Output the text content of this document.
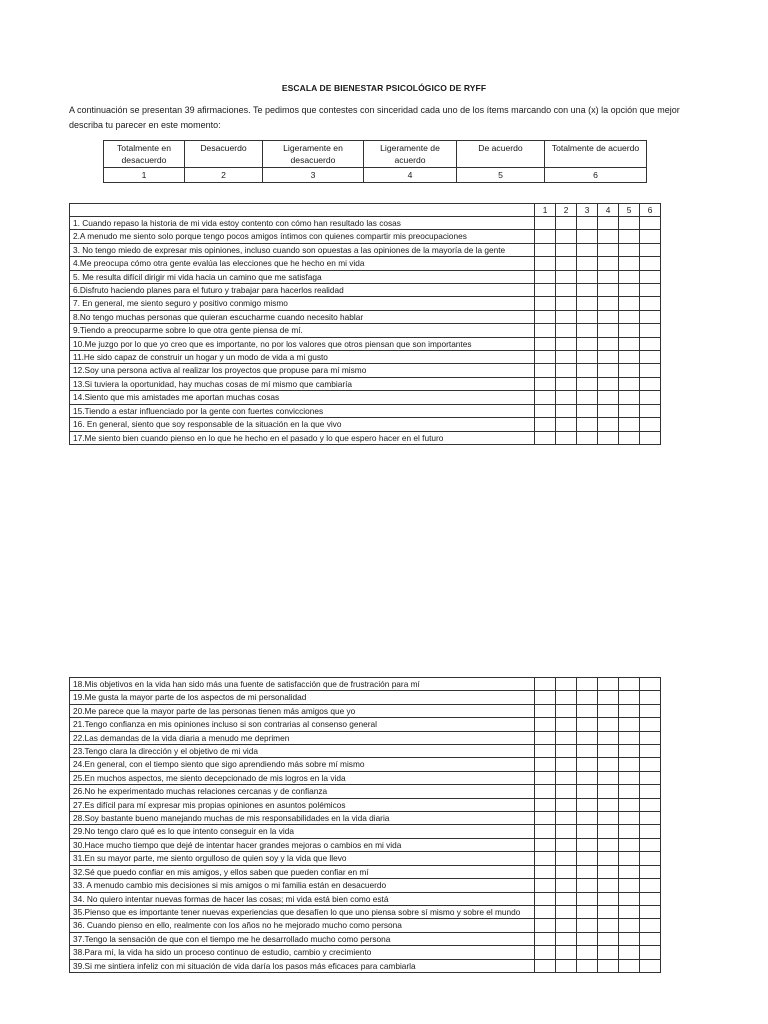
ESCALA DE BIENESTAR PSICOLÓGICO DE RYFF
A continuación se presentan 39 afirmaciones. Te pedimos que contestes con sinceridad cada uno de los ítems marcando con una (x) la opción que mejor describa tu parecer en este momento:
Totalmente en desacuerdo	Desacuerdo	Ligeramente en desacuerdo	Ligeramente de acuerdo	De acuerdo	Totalmente de acuerdo
1	2	3	4	5	6
	1	2	3	4	5	6
1. Cuando repaso la historia de mi vida estoy contento con cómo han resultado las cosas						
2.A menudo me siento solo porque tengo pocos amigos íntimos con quienes compartir mis preocupaciones						
3. No tengo miedo de expresar mis opiniones, incluso cuando son opuestas a las opiniones de la mayoría de la gente						
4.Me preocupa cómo otra gente evalúa las elecciones que he hecho en mi vida						
5. Me resulta difícil dirigir mi vida hacia un camino que me satisfaga						
6.Disfruto haciendo planes para el futuro y trabajar para hacerlos realidad						
7. En general, me siento seguro y positivo conmigo mismo						
8.No tengo muchas personas que quieran escucharme cuando necesito hablar						
9.Tiendo a preocuparme sobre lo que otra gente piensa de mí.						
10.Me juzgo por lo que yo creo que es importante, no por los valores que otros piensan que son importantes						
11.He sido capaz de construir un hogar y un modo de vida a mi gusto						
12.Soy una persona activa al realizar los proyectos que propuse para mí mismo						
13.Si tuviera la oportunidad, hay muchas cosas de mí mismo que cambiaría						
14.Siento que mis amistades me aportan muchas cosas						
15.Tiendo a estar influenciado por la gente con fuertes convicciones						
16. En general, siento que soy responsable de la situación en la que vivo						
17.Me siento bien cuando pienso en lo que he hecho en el pasado y lo que espero hacer en el futuro						
18.Mis objetivos en la vida han sido más una fuente de satisfacción que de frustración para mí						
19.Me gusta la mayor parte de los aspectos de mi personalidad						
20.Me parece que la mayor parte de las personas tienen más amigos que yo						
21.Tengo confianza en mis opiniones incluso si son contrarias al consenso general						
22.Las demandas de la vida diaria a menudo me deprimen						
23.Tengo clara la dirección y el objetivo de mi vida						
24.En general, con el tiempo siento que sigo aprendiendo más sobre mí mismo						
25.En muchos aspectos, me siento decepcionado de mis logros en la vida						
26.No he experimentado muchas relaciones cercanas y de confianza						
27.Es difícil para mí expresar mis propias opiniones en asuntos polémicos						
28.Soy bastante bueno manejando muchas de mis responsabilidades en la vida diaria						
29.No tengo claro qué es lo que intento conseguir en la vida						
30.Hace mucho tiempo que dejé de intentar hacer grandes mejoras o cambios en mi vida						
31.En su mayor parte, me siento orgulloso de quien soy y la vida que llevo						
32.Sé que puedo confiar en mis amigos, y ellos saben que pueden confiar en mí						
33. A menudo cambio mis decisiones si mis amigos o mi familia están en desacuerdo						
34. No quiero intentar nuevas formas de hacer las cosas; mi vida está bien como está						
35.Pienso que es importante tener nuevas experiencias que desafíen lo que uno piensa sobre sí mismo y sobre el mundo						
36. Cuando pienso en ello, realmente con los años no he mejorado mucho como persona						
37.Tengo la sensación de que con el tiempo me he desarrollado mucho como persona						
38.Para mí, la vida ha sido un proceso continuo de estudio, cambio y crecimiento						
39.Si me sintiera infeliz con mi situación de vida daría los pasos más eficaces para cambiarla						
